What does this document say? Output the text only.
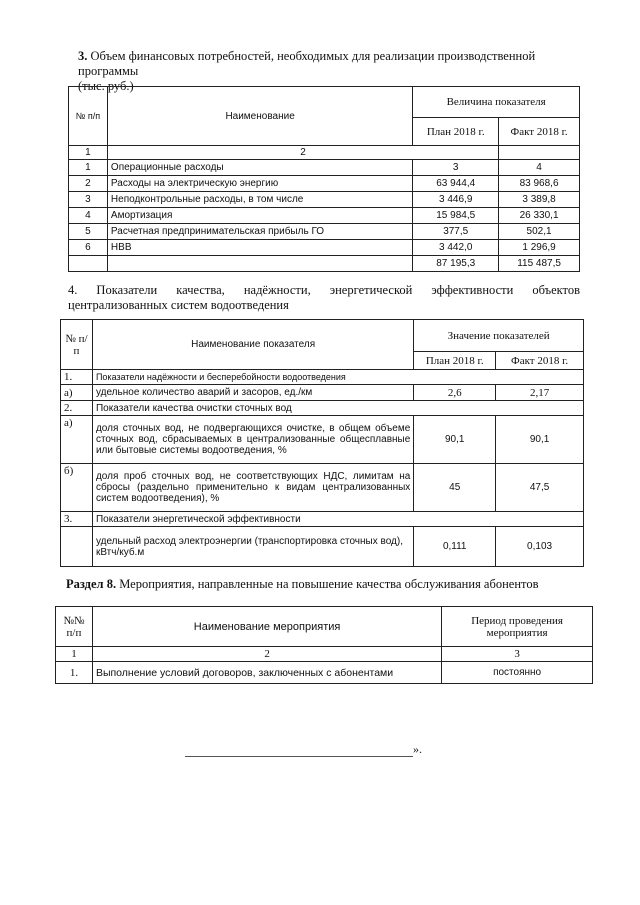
3. Объем финансовых потребностей, необходимых для реализации производственной программы
(тыс. руб.)
№ п/п	Наименование	Величина показателя	
		План 2018 г.	Факт 2018 г.
1	2		
1	Операционные расходы	3	4
2	Расходы на электрическую энергию	63 944,4	83 968,6
3	Неподконтрольные расходы, в том числе	3 446,9	3 389,8
4	Амортизация	15 984,5	26 330,1
5	Расчетная предпринимательская прибыль ГО	377,5	502,1
6	НВВ	3 442,0	1 296,9
		87 195,3	115 487,5
4. Показатели качества, надёжности, энергетической эффективности объектов централизованных систем водоотведения
№ п/п	Наименование показателя	Значение показателей	
		План 2018 г.	Факт 2018 г.
1.	Показатели надёжности и бесперебойности водоотведения		
а)	удельное количество аварий и засоров, ед./км	2,6	2,17
2.	Показатели качества очистки сточных вод		
а)	доля сточных вод, не подвергающихся очистке, в общем объеме сточных вод, сбрасываемых в централизованные общесплавные или бытовые системы водоотведения, %	90,1	90,1
б)	доля проб сточных вод, не соответствующих НДС, лимитам на сбросы (раздельно применительно к видам централизованных систем водоотведения), %	45	47,5
3.	Показатели энергетической эффективности		
	удельный расход электроэнергии (транспортировка сточных вод), кВтч/куб.м	0,111	0,103
Раздел 8. Мероприятия, направленные на повышение качества обслуживания абонентов
№№ п/п	Наименование мероприятия	Период проведения мероприятия
1	2	3
1.	Выполнение условий договоров, заключенных с абонентами	постоянно
».
